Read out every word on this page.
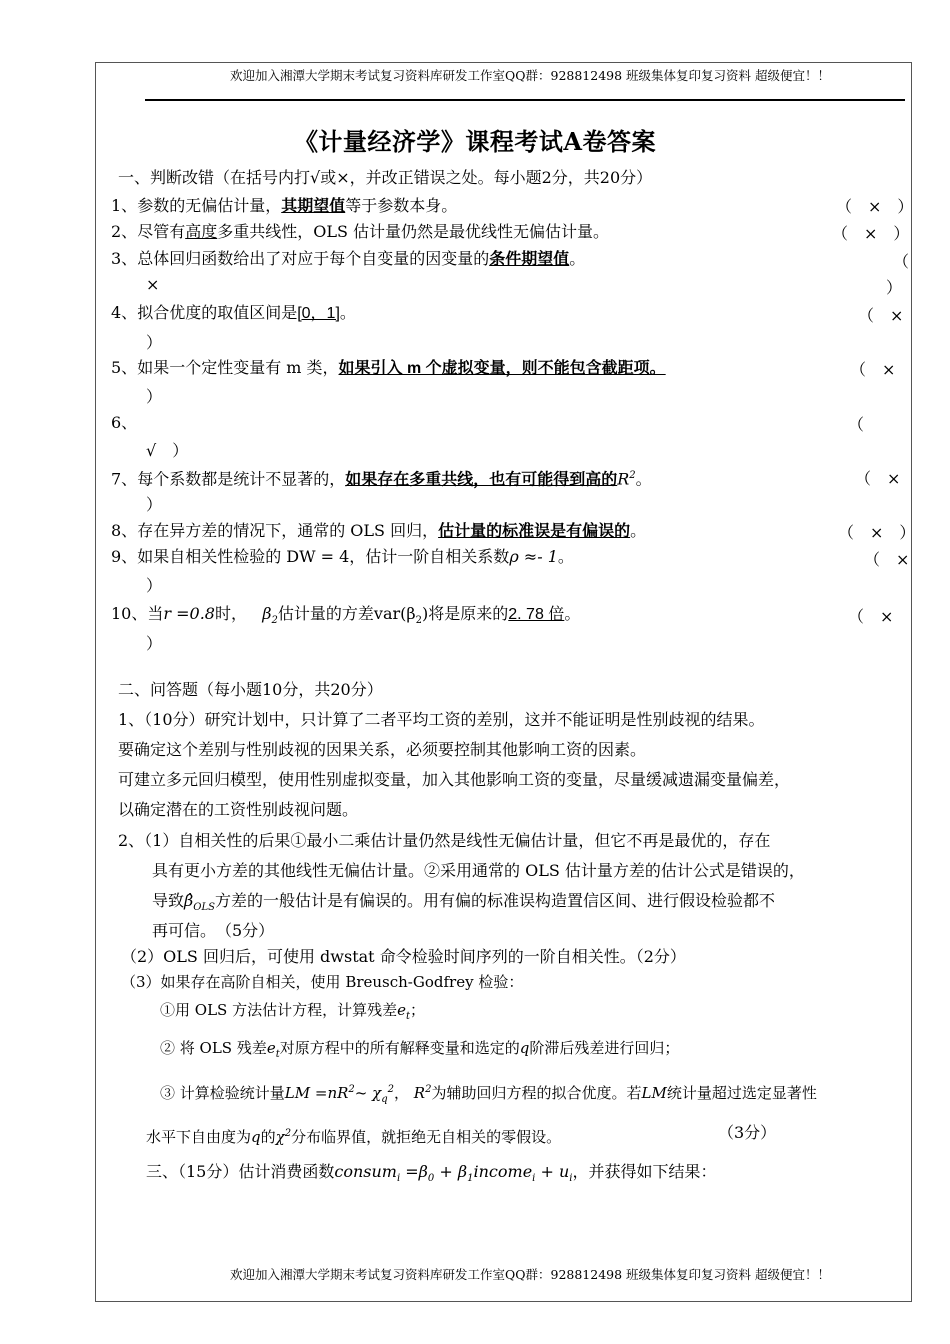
欢迎加入湘潭大学期末考试复习资料库研发工作室QQ群：928812498 班级集体复印复习资料 超级便宜！！
《计量经济学》课程考试A卷答案
一、判断改错（在括号内打√或×，并改正错误之处。每小题2分，共20分）
1、参数的无偏估计量，其期望值等于参数本身。	（　×　）
2、尽管有高度多重共线性，OLS 估计量仍然是最优线性无偏估计量。	（　×　）
3、总体回归函数给出了对应于每个自变量的因变量的条件期望值。	（
×	）
4、拟合优度的取值区间是[0，1]。	（　×
）
5、如果一个定性变量有 m 类，如果引入 m 个虚拟变量，则不能包含截距项。	（　×
）
6、	（
√　）
7、每个系数都是统计不显著的，如果存在多重共线，也有可能得到高的$R^2$。	（　×
）
8、存在异方差的情况下，通常的 OLS 回归，估计量的标准误是有偏误的。	（　×　）
9、如果自相关性检验的 DW = 4，估计一阶自相关系数ρ ≈- 1。	（　×
）
10、当r =0.8时， $\beta_2$估计量的方差$var(\beta_2)$将是原来的2. 78 倍。	（　×
）
二、问答题（每小题10分，共20分）
1、（10分）研究计划中，只计算了二者平均工资的差别，这并不能证明是性别歧视的结果。
要确定这个差别与性别歧视的因果关系，必须要控制其他影响工资的因素。
可建立多元回归模型，使用性别虚拟变量，加入其他影响工资的变量，尽量缓减遗漏变量偏差，
以确定潜在的工资性别歧视问题。
2、（1）自相关性的后果①最小二乘估计量仍然是线性无偏估计量，但它不再是最优的，存在
具有更小方差的其他线性无偏估计量。②采用通常的 OLS 估计量方差的估计公式是错误的，
导致$\betâ_{OLS}$方差的一般估计是有偏误的。用有偏的标准误构造置信区间、进行假设检验都不
再可信。　（5分）
（2）OLS 回归后，可使用 dwstat 命令检验时间序列的一阶自相关性。（2分）
（3）如果存在高阶自相关，使用 Breusch-Godfrey 检验：
①用 OLS 方法估计方程，计算残差$e_t$；
② 将 OLS 残差$e_t$对原方程中的所有解释变量和选定的q阶滞后残差进行回归；
③ 计算检验统计量LM $=nR^2\sim$ $\chi_q^2$， $R^2$为辅助回归方程的拟合优度。若LM统计量超过选定显著性
水平下自由度为q的$\chi^2$分布临界值，就拒绝无自相关的零假设。	（3分）
三、（15分）估计消费函数consum$_i$ $=\beta_0$ + $\beta_1income_i + u_i$，并获得如下结果：
欢迎加入湘潭大学期末考试复习资料库研发工作室QQ群：928812498 班级集体复印复习资料 超级便宜！！
